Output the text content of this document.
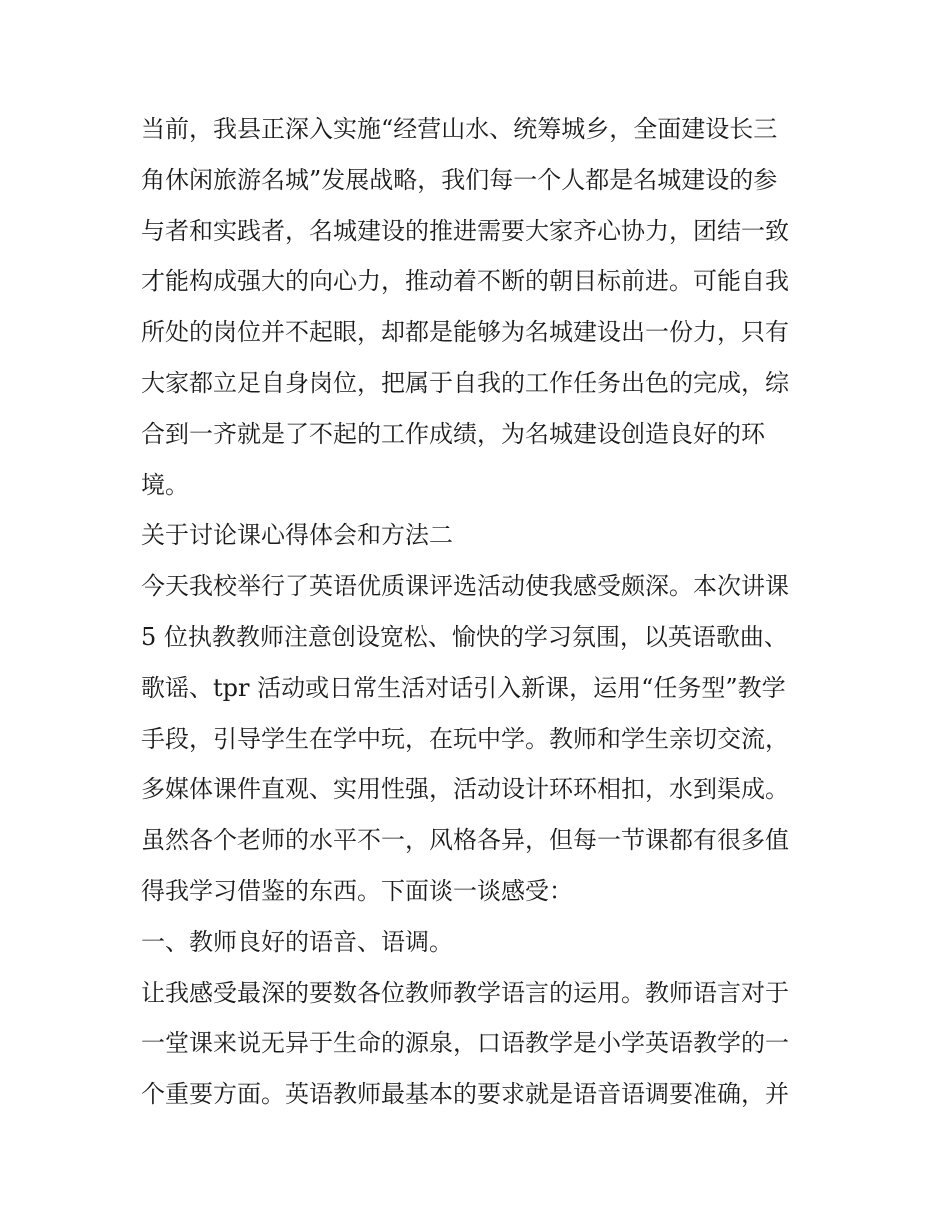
当前，我县正深入实施“经营山水、统筹城乡，全面建设长三
角休闲旅游名城”发展战略，我们每一个人都是名城建设的参
与者和实践者，名城建设的推进需要大家齐心协力，团结一致
才能构成强大的向心力，推动着不断的朝目标前进。可能自我
所处的岗位并不起眼，却都是能够为名城建设出一份力，只有
大家都立足自身岗位，把属于自我的工作任务出色的完成，综
合到一齐就是了不起的工作成绩，为名城建设创造良好的环
境。
关于讨论课心得体会和方法二
今天我校举行了英语优质课评选活动使我感受颇深。本次讲课
5 位执教教师注意创设宽松、愉快的学习氛围，以英语歌曲、
歌谣、tpr 活动或日常生活对话引入新课，运用“任务型”教学
手段，引导学生在学中玩，在玩中学。教师和学生亲切交流，
多媒体课件直观、实用性强，活动设计环环相扣，水到渠成。
虽然各个老师的水平不一，风格各异，但每一节课都有很多值
得我学习借鉴的东西。下面谈一谈感受：
一、教师良好的语音、语调。
让我感受最深的要数各位教师教学语言的运用。教师语言对于
一堂课来说无异于生命的源泉，口语教学是小学英语教学的一
个重要方面。英语教师最基本的要求就是语音语调要准确，并
